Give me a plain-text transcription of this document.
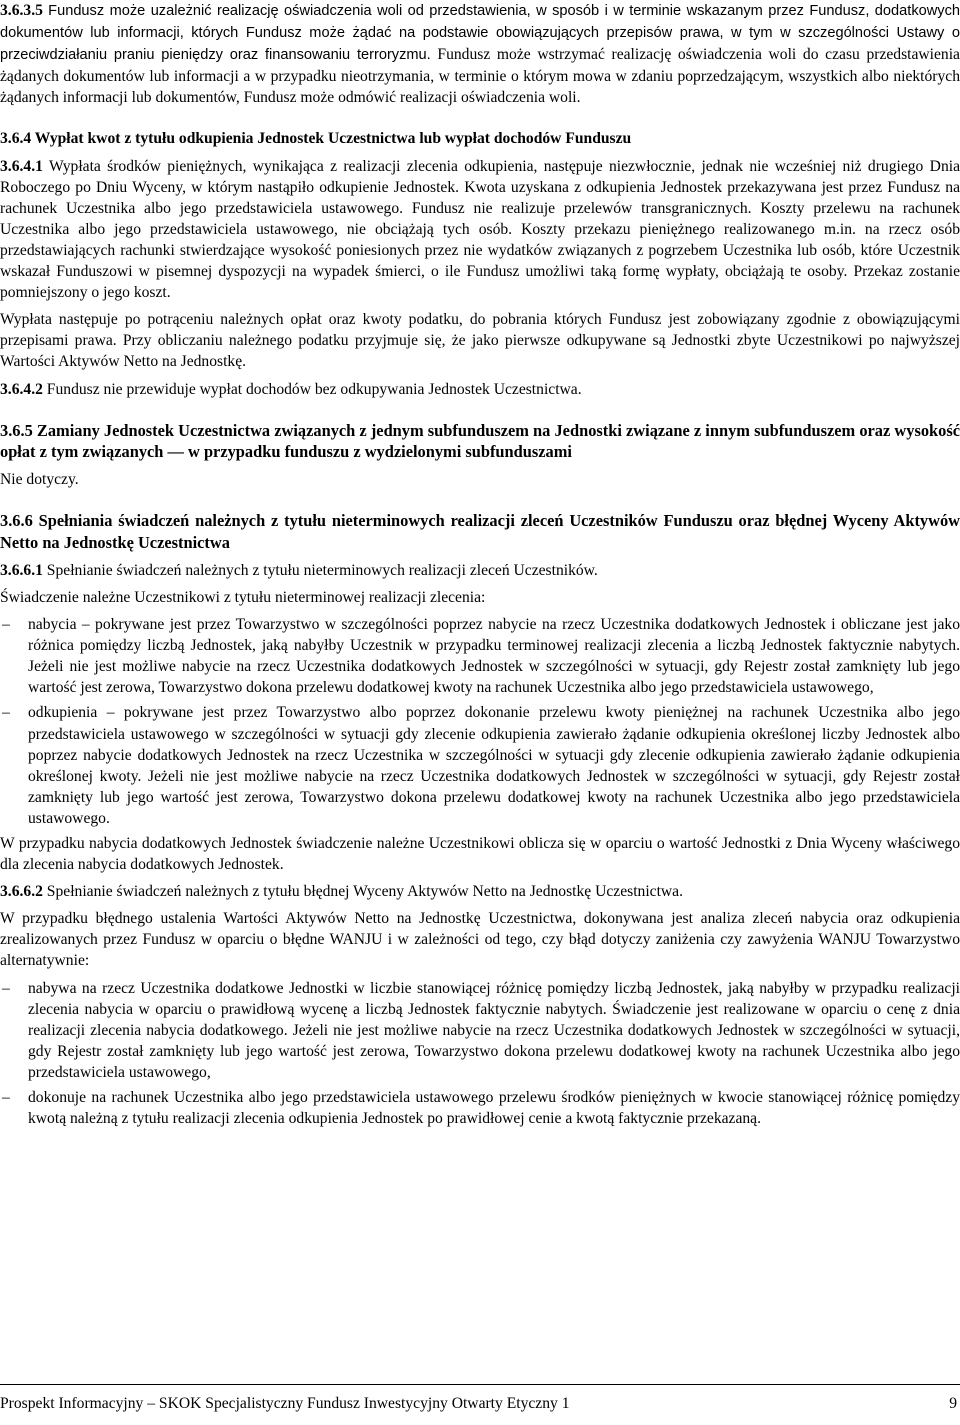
3.6.3.5 Fundusz może uzależnić realizację oświadczenia woli od przedstawienia, w sposób i w terminie wskazanym przez Fundusz, dodatkowych dokumentów lub informacji, których Fundusz może żądać na podstawie obowiązujących przepisów prawa, w tym w szczególności Ustawy o przeciwdziałaniu praniu pieniędzy oraz finansowaniu terroryzmu. Fundusz może wstrzymać realizację oświadczenia woli do czasu przedstawienia żądanych dokumentów lub informacji a w przypadku nieotrzymania, w terminie o którym mowa w zdaniu poprzedzającym, wszystkich albo niektórych żądanych informacji lub dokumentów, Fundusz może odmówić realizacji oświadczenia woli.

3.6.4 Wypłat kwot z tytułu odkupienia Jednostek Uczestnictwa lub wypłat dochodów Funduszu

3.6.4.1 Wypłata środków pieniężnych, wynikająca z realizacji zlecenia odkupienia, następuje niezwłocznie, jednak nie wcześniej niż drugiego Dnia Roboczego po Dniu Wyceny, w którym nastąpiło odkupienie Jednostek. Kwota uzyskana z odkupienia Jednostek przekazywana jest przez Fundusz na rachunek Uczestnika albo jego przedstawiciela ustawowego. Fundusz nie realizuje przelewów transgranicznych. Koszty przelewu na rachunek Uczestnika albo jego przedstawiciela ustawowego, nie obciążają tych osób. Koszty przekazu pieniężnego realizowanego m.in. na rzecz osób przedstawiających rachunki stwierdzające wysokość poniesionych przez nie wydatków związanych z pogrzebem Uczestnika lub osób, które Uczestnik wskazał Funduszowi w pisemnej dyspozycji na wypadek śmierci, o ile Fundusz umożliwi taką formę wypłaty, obciążają te osoby. Przekaz zostanie pomniejszony o jego koszt.

Wypłata następuje po potrąceniu należnych opłat oraz kwoty podatku, do pobrania których Fundusz jest zobowiązany zgodnie z obowiązującymi przepisami prawa. Przy obliczaniu należnego podatku przyjmuje się, że jako pierwsze odkupywane są Jednostki zbyte Uczestnikowi po najwyższej Wartości Aktywów Netto na Jednostkę.

3.6.4.2 Fundusz nie przewiduje wypłat dochodów bez odkupywania Jednostek Uczestnictwa.

3.6.5 Zamiany Jednostek Uczestnictwa związanych z jednym subfunduszem na Jednostki związane z innym subfunduszem oraz wysokość opłat z tym związanych — w przypadku funduszu z wydzielonymi subfunduszami

Nie dotyczy.

3.6.6 Spełniania świadczeń należnych z tytułu nieterminowych realizacji zleceń Uczestników Funduszu oraz błędnej Wyceny Aktywów Netto na Jednostkę Uczestnictwa

3.6.6.1 Spełnianie świadczeń należnych z tytułu nieterminowych realizacji zleceń Uczestników.

Świadczenie należne Uczestnikowi z tytułu nieterminowej realizacji zlecenia:

– nabycia – pokrywane jest przez Towarzystwo w szczególności poprzez nabycie na rzecz Uczestnika dodatkowych Jednostek i obliczane jest jako różnica pomiędzy liczbą Jednostek, jaką nabyłby Uczestnik w przypadku terminowej realizacji zlecenia a liczbą Jednostek faktycznie nabytych. Jeżeli nie jest możliwe nabycie na rzecz Uczestnika dodatkowych Jednostek w szczególności w sytuacji, gdy Rejestr został zamknięty lub jego wartość jest zerowa, Towarzystwo dokona przelewu dodatkowej kwoty na rachunek Uczestnika albo jego przedstawiciela ustawowego,
– odkupienia – pokrywane jest przez Towarzystwo albo poprzez dokonanie przelewu kwoty pieniężnej na rachunek Uczestnika albo jego przedstawiciela ustawowego w szczególności w sytuacji gdy zlecenie odkupienia zawierało żądanie odkupienia określonej liczby Jednostek albo poprzez nabycie dodatkowych Jednostek na rzecz Uczestnika w szczególności w sytuacji gdy zlecenie odkupienia zawierało żądanie odkupienia określonej kwoty. Jeżeli nie jest możliwe nabycie na rzecz Uczestnika dodatkowych Jednostek w szczególności w sytuacji, gdy Rejestr został zamknięty lub jego wartość jest zerowa, Towarzystwo dokona przelewu dodatkowej kwoty na rachunek Uczestnika albo jego przedstawiciela ustawowego.

W przypadku nabycia dodatkowych Jednostek świadczenie należne Uczestnikowi oblicza się w oparciu o wartość Jednostki z Dnia Wyceny właściwego dla zlecenia nabycia dodatkowych Jednostek.

3.6.6.2 Spełnianie świadczeń należnych z tytułu błędnej Wyceny Aktywów Netto na Jednostkę Uczestnictwa.

W przypadku błędnego ustalenia Wartości Aktywów Netto na Jednostkę Uczestnictwa, dokonywana jest analiza zleceń nabycia oraz odkupienia zrealizowanych przez Fundusz w oparciu o błędne WANJU i w zależności od tego, czy błąd dotyczy zaniżenia czy zawyżenia WANJU Towarzystwo alternatywnie:

– nabywa na rzecz Uczestnika dodatkowe Jednostki w liczbie stanowiącej różnicę pomiędzy liczbą Jednostek, jaką nabyłby w przypadku realizacji zlecenia nabycia w oparciu o prawidłową wycenę a liczbą Jednostek faktycznie nabytych. Świadczenie jest realizowane w oparciu o cenę z dnia realizacji zlecenia nabycia dodatkowego. Jeżeli nie jest możliwe nabycie na rzecz Uczestnika dodatkowych Jednostek w szczególności w sytuacji, gdy Rejestr został zamknięty lub jego wartość jest zerowa, Towarzystwo dokona przelewu dodatkowej kwoty na rachunek Uczestnika albo jego przedstawiciela ustawowego,
– dokonuje na rachunek Uczestnika albo jego przedstawiciela ustawowego przelewu środków pieniężnych w kwocie stanowiącej różnicę pomiędzy kwotą należną z tytułu realizacji zlecenia odkupienia Jednostek po prawidłowej cenie a kwotą faktycznie przekazaną.
Prospekt Informacyjny – SKOK Specjalistyczny Fundusz Inwestycyjny Otwarty Etyczny 1	9
